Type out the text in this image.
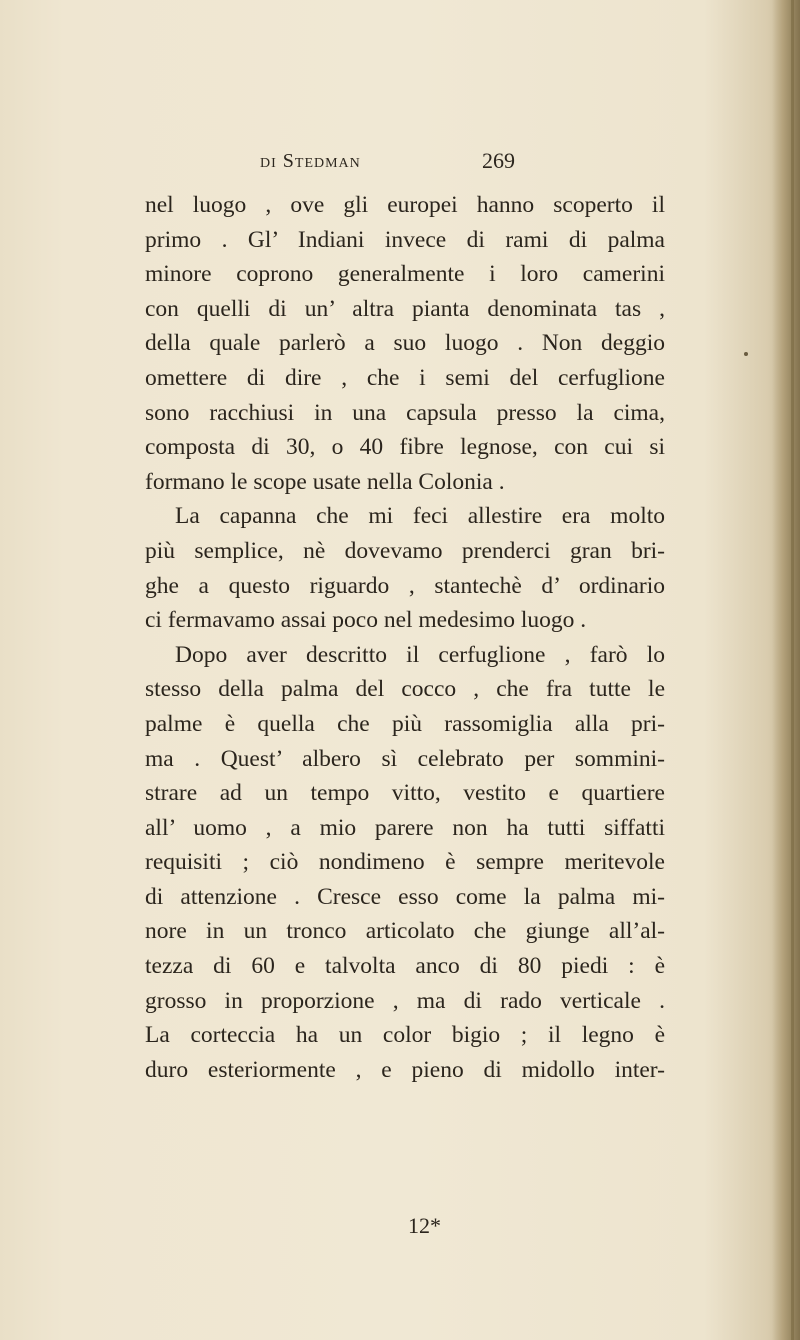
di Stedman	269
nel luogo , ove gli europei hanno scoperto il
primo . Gl’ Indiani invece di rami di palma
minore coprono generalmente i loro camerini
con quelli di un’ altra pianta denominata tas ,
della quale parlerò a suo luogo . Non deggio
omettere di dire , che i semi del cerfuglione
sono racchiusi in una capsula presso la cima,
composta di 30, o 40 fibre legnose, con cui si
formano le scope usate nella Colonia .
La capanna che mi feci allestire era molto
più semplice, nè dovevamo prenderci gran bri-
ghe a questo riguardo , stantechè d’ ordinario
ci fermavamo assai poco nel medesimo luogo .
Dopo aver descritto il cerfuglione , farò lo
stesso della palma del cocco , che fra tutte le
palme è quella che più rassomiglia alla pri-
ma . Quest’ albero sì celebrato per sommini-
strare ad un tempo vitto, vestito e quartiere
all’ uomo , a mio parere non ha tutti siffatti
requisiti ; ciò nondimeno è sempre meritevole
di attenzione . Cresce esso come la palma mi-
nore in un tronco articolato che giunge all’al-
tezza di 60 e talvolta anco di 80 piedi : è
grosso in proporzione , ma di rado verticale .
La corteccia ha un color bigio ; il legno è
duro esteriormente , e pieno di midollo inter-
12*
